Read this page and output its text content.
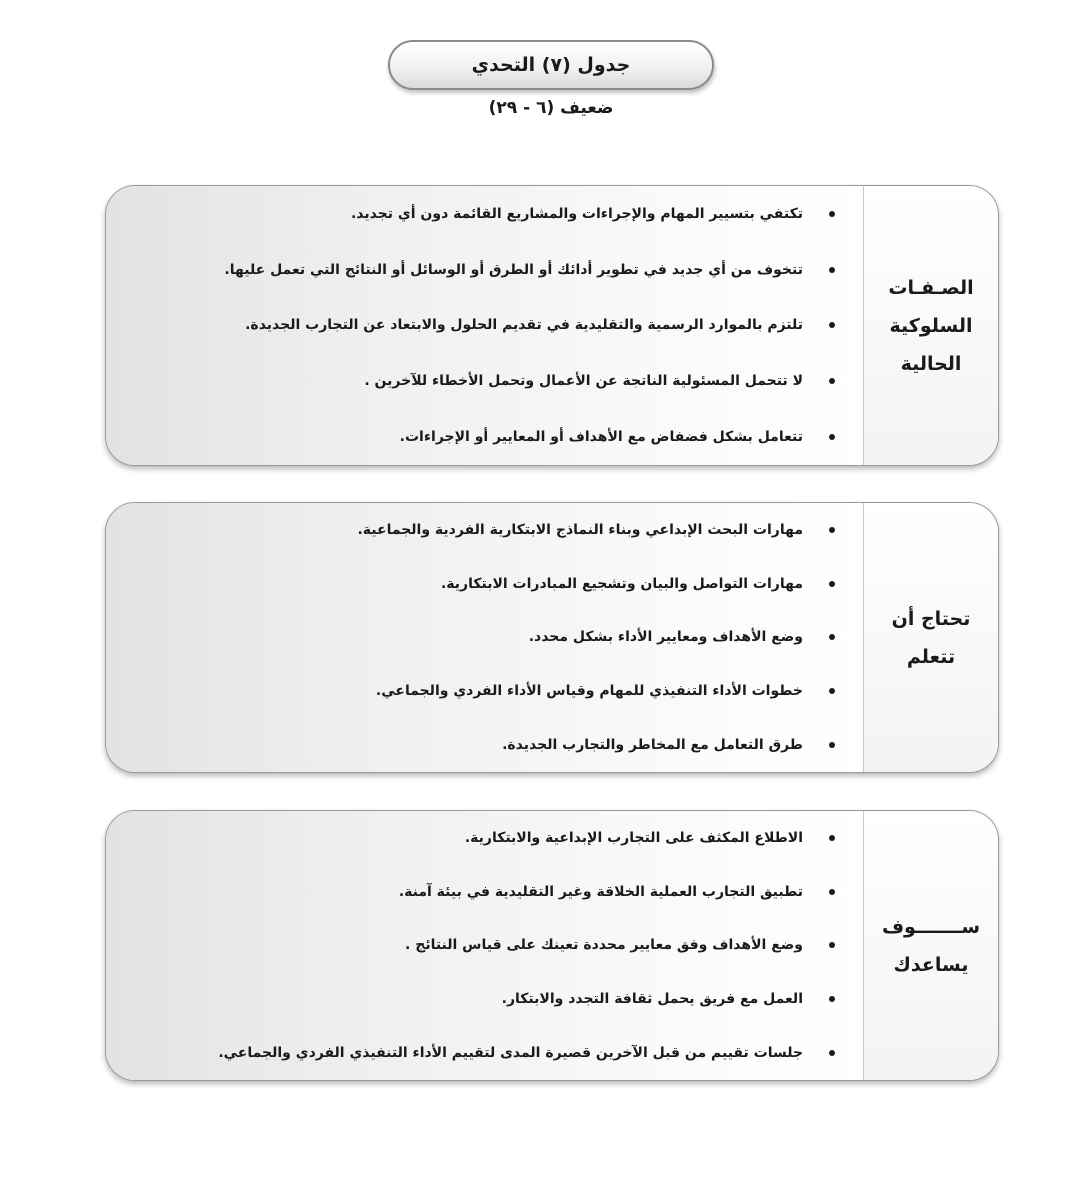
جدول (٧) التحدي
ضعيف (٦ - ٢٩)
الصـفـات
السلوكية
الحالية
تكتفي بتسيير المهام والإجراءات والمشاريع القائمة دون أي تجديد.
تتخوف من أي جديد في تطوير أدائك أو الطرق أو الوسائل أو النتائج التي تعمل عليها.
تلتزم بالموارد الرسمية والتقليدية في تقديم الحلول والابتعاد عن التجارب الجديدة.
لا تتحمل المسئولية الناتجة عن الأعمال وتحمل الأخطاء للآخرين .
تتعامل بشكل فضفاض مع الأهداف أو المعايير أو الإجراءات.
تحتاج أن
تتعلم
مهارات البحث الإبداعي وبناء النماذج الابتكارية الفردية والجماعية.
مهارات التواصل والبيان وتشجيع المبادرات الابتكارية.
وضع الأهداف ومعايير الأداء بشكل محدد.
خطوات الأداء التنفيذي للمهام وقياس الأداء الفردي والجماعي.
طرق التعامل مع المخاطر والتجارب الجديدة.
ســـــــوف
يساعدك
الاطلاع المكثف على التجارب الإبداعية والابتكارية.
تطبيق التجارب العملية الخلاقة وغير التقليدية في بيئة آمنة.
وضع الأهداف وفق معايير محددة تعينك على قياس النتائج .
العمل مع فريق يحمل ثقافة التجدد والابتكار.
جلسات تقييم من قبل الآخرين قصيرة المدى لتقييم الأداء التنفيذي الفردي والجماعي.
